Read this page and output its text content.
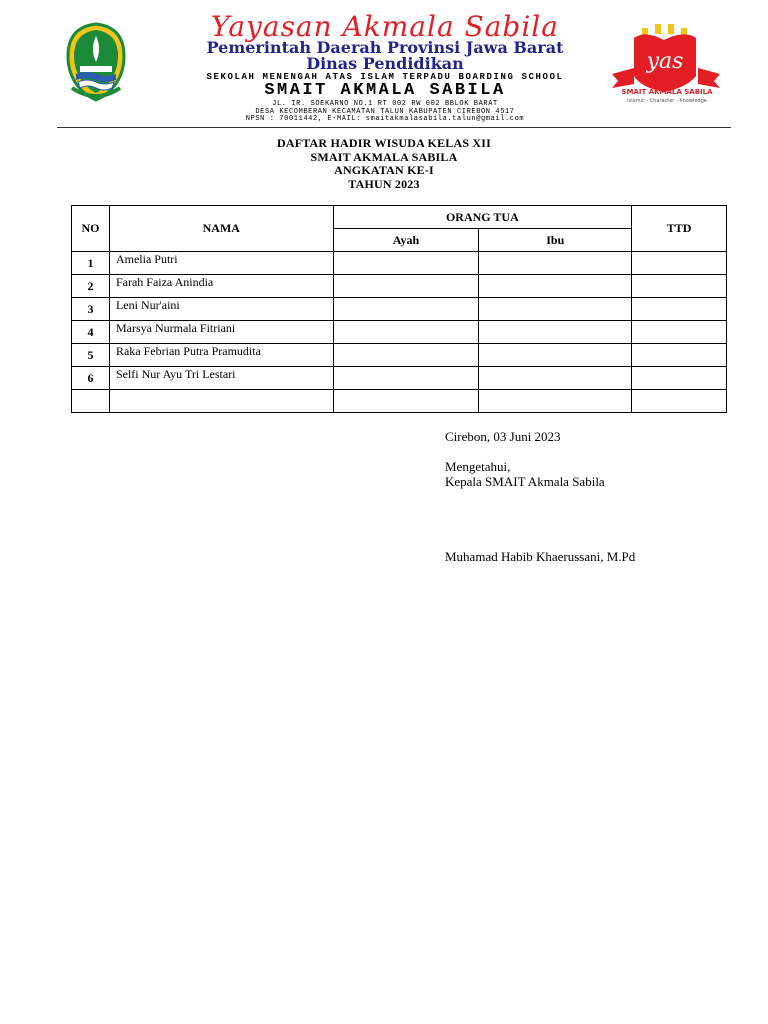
yas
SMAIT AKMALA SABILA
Islamic - Character - Knowledge
Yayasan Akmala Sabila
Pemerintah Daerah Provinsi Jawa Barat
Dinas Pendidikan
SEKOLAH MENENGAH ATAS ISLAM TERPADU BOARDING SCHOOL
SMAIT AKMALA SABILA
JL. IR. SOEKARNO NO.1 RT 002 RW 002 BBLOK BARAT
DESA KECOMBERAN KECAMATAN TALUN KABUPATEN CIREBON 4517
NPSN : 70011442, E-MAIL: smaitakmalasabila.talun@gmail.com
DAFTAR HADIR WISUDA KELAS XII
SMAIT AKMALA SABILA
ANGKATAN KE-I
TAHUN 2023
NO	NAMA	ORANG TUA		TTD
		Ayah	Ibu	
1	Amelia Putri			
2	Farah Faiza Anindia			
3	Leni Nur'aini			
4	Marsya Nurmala Fitriani			
5	Raka Febrian Putra Pramudita			
6	Selfi Nur Ayu Tri Lestari			

Cirebon, 03 Juni 2023
Mengetahui,
Kepala SMAIT Akmala Sabila
Muhamad Habib Khaerussani, M.Pd
